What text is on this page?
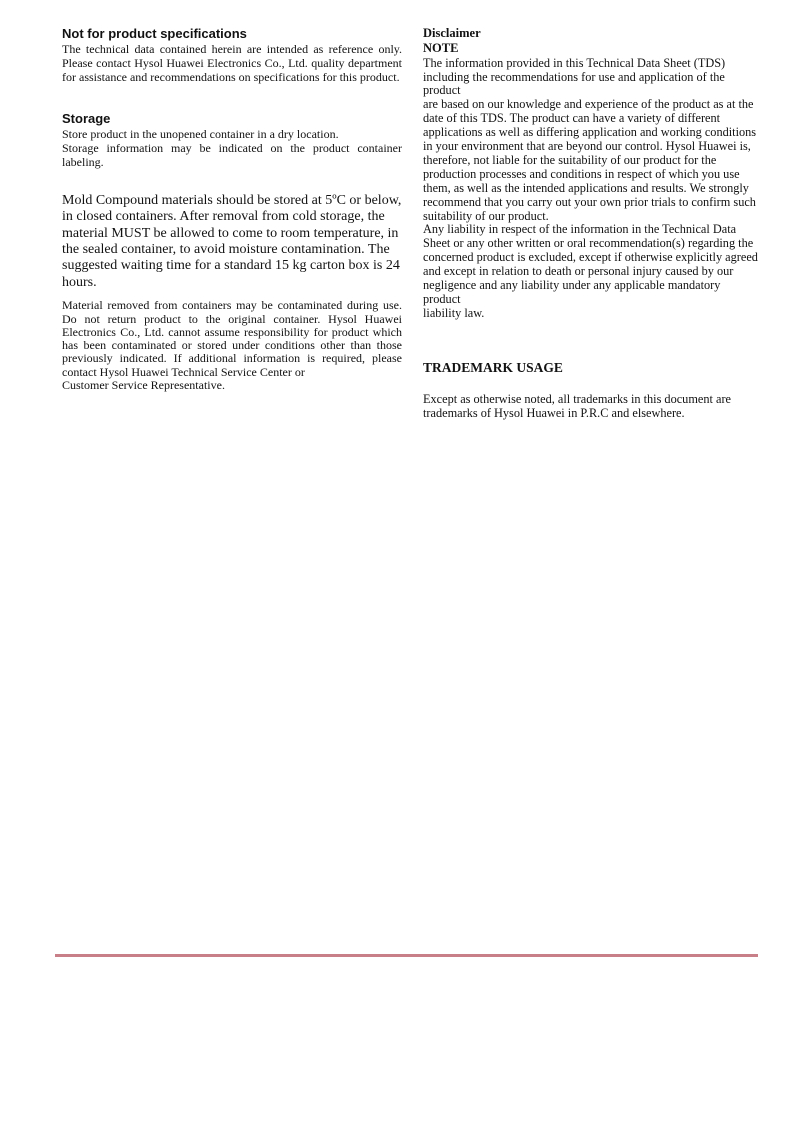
Not for product specifications

The technical data contained herein are intended as reference only. Please contact Hysol Huawei Electronics Co., Ltd. quality department for assistance and recommendations on specifications for this product.

Storage

Store product in the unopened container in a dry location.

Storage information may be indicated on the product container labeling.

Mold Compound materials should be stored at 5ºC or below,
in closed containers. After removal from cold storage, the
material MUST be allowed to come to room temperature, in
the sealed container, to avoid moisture contamination. The
suggested waiting time for a standard 15 kg carton box is 24
hours.

Material removed from containers may be contaminated during use. Do not return product to the original container. Hysol Huawei Electronics Co., Ltd. cannot assume responsibility for product which has been contaminated or stored under conditions other than those previously indicated. If additional information is required, please contact Hysol Huawei Technical Service Center or

Customer Service Representative.

Disclaimer
NOTE

The information provided in this Technical Data Sheet (TDS)
including the recommendations for use and application of the product
are based on our knowledge and experience of the product as at the
date of this TDS. The product can have a variety of different
applications as well as differing application and working conditions
in your environment that are beyond our control. Hysol Huawei is,
therefore, not liable for the suitability of our product for the
production processes and conditions in respect of which you use
them, as well as the intended applications and results. We strongly
recommend that you carry out your own prior trials to confirm such
suitability of our product.
Any liability in respect of the information in the Technical Data
Sheet or any other written or oral recommendation(s) regarding the
concerned product is excluded, except if otherwise explicitly agreed
and except in relation to death or personal injury caused by our
negligence and any liability under any applicable mandatory product
liability law.

TRADEMARK USAGE

Except as otherwise noted, all trademarks in this document are
trademarks of Hysol Huawei in P.R.C and elsewhere.
